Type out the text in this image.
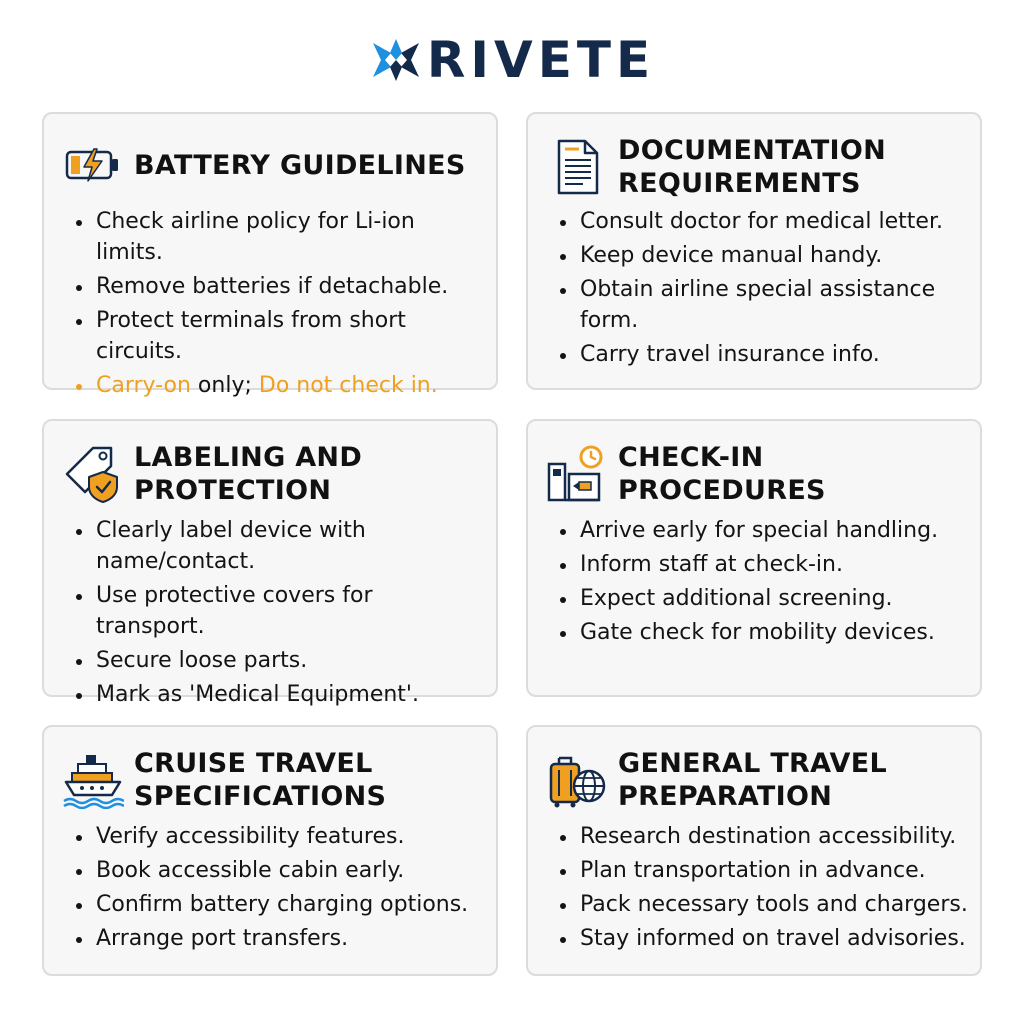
RIVETE
BATTERY GUIDELINES
Check airline policy for Li-ion limits.
Remove batteries if detachable.
Protect terminals from short
circuits.
Carry-on only; Do not check in.
DOCUMENTATION
REQUIREMENTS
Consult doctor for medical letter.
Keep device manual handy.
Obtain airline special assistance
form.
Carry travel insurance info.
LABELING AND
PROTECTION
Clearly label device with
name/contact.
Use protective covers for transport.
Secure loose parts.
Mark as 'Medical Equipment'.
CHECK-IN
PROCEDURES
Arrive early for special handling.
Inform staff at check-in.
Expect additional screening.
Gate check for mobility devices.
CRUISE TRAVEL
SPECIFICATIONS
Verify accessibility features.
Book accessible cabin early.
Confirm battery charging options.
Arrange port transfers.
GENERAL TRAVEL
PREPARATION
Research destination accessibility.
Plan transportation in advance.
Pack necessary tools and chargers.
Stay informed on travel advisories.
